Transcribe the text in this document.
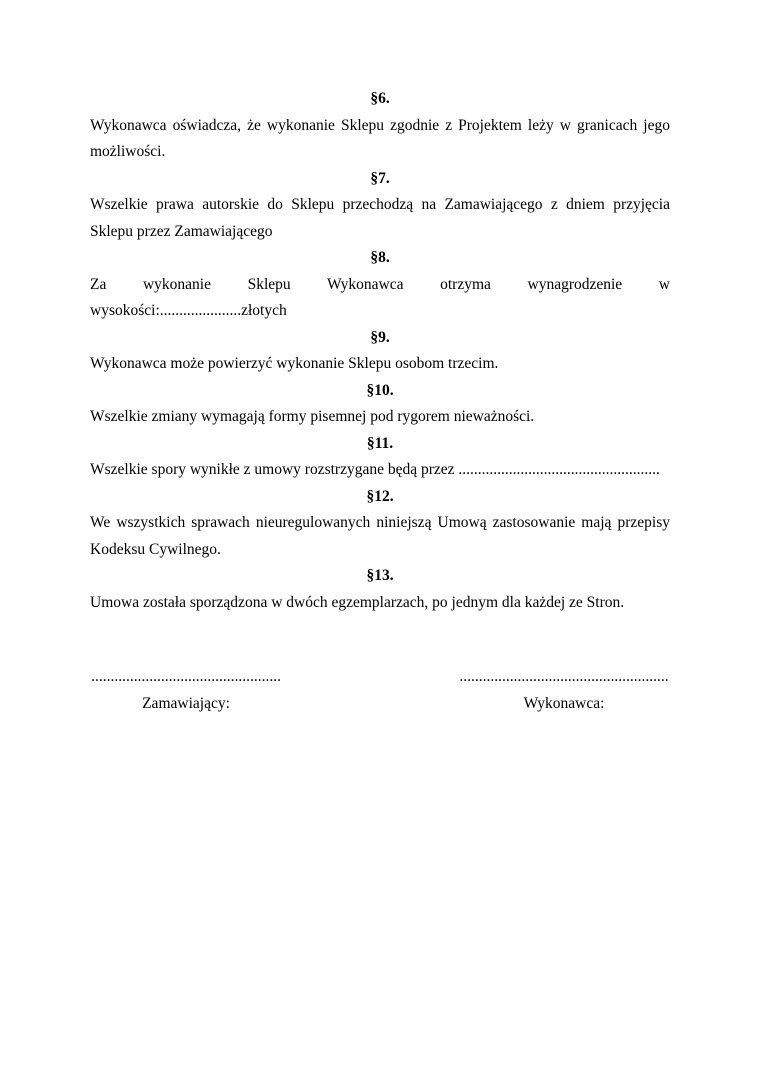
§6.

Wykonawca oświadcza, że wykonanie Sklepu zgodnie z Projektem leży w granicach jego możliwości.

§7.

Wszelkie prawa autorskie do Sklepu przechodzą na Zamawiającego z dniem przyjęcia Sklepu przez Zamawiającego

§8.

Za wykonanie Sklepu Wykonawca otrzyma wynagrodzenie w wysokości:.....................złotych

§9.

Wykonawca może powierzyć wykonanie Sklepu osobom trzecim.

§10.

Wszelkie zmiany wymagają formy pisemnej pod rygorem nieważności.

§11.

Wszelkie spory wynikłe z umowy rozstrzygane będą przez ....................................................

§12.

We wszystkich sprawach nieuregulowanych niniejszą Umową zastosowanie mają przepisy Kodeksu Cywilnego.

§13.

Umowa została sporządzona w dwóch egzemplarzach, po jednym dla każdej ze Stron.

.................................................
Zamawiający:
......................................................
Wykonawca:
